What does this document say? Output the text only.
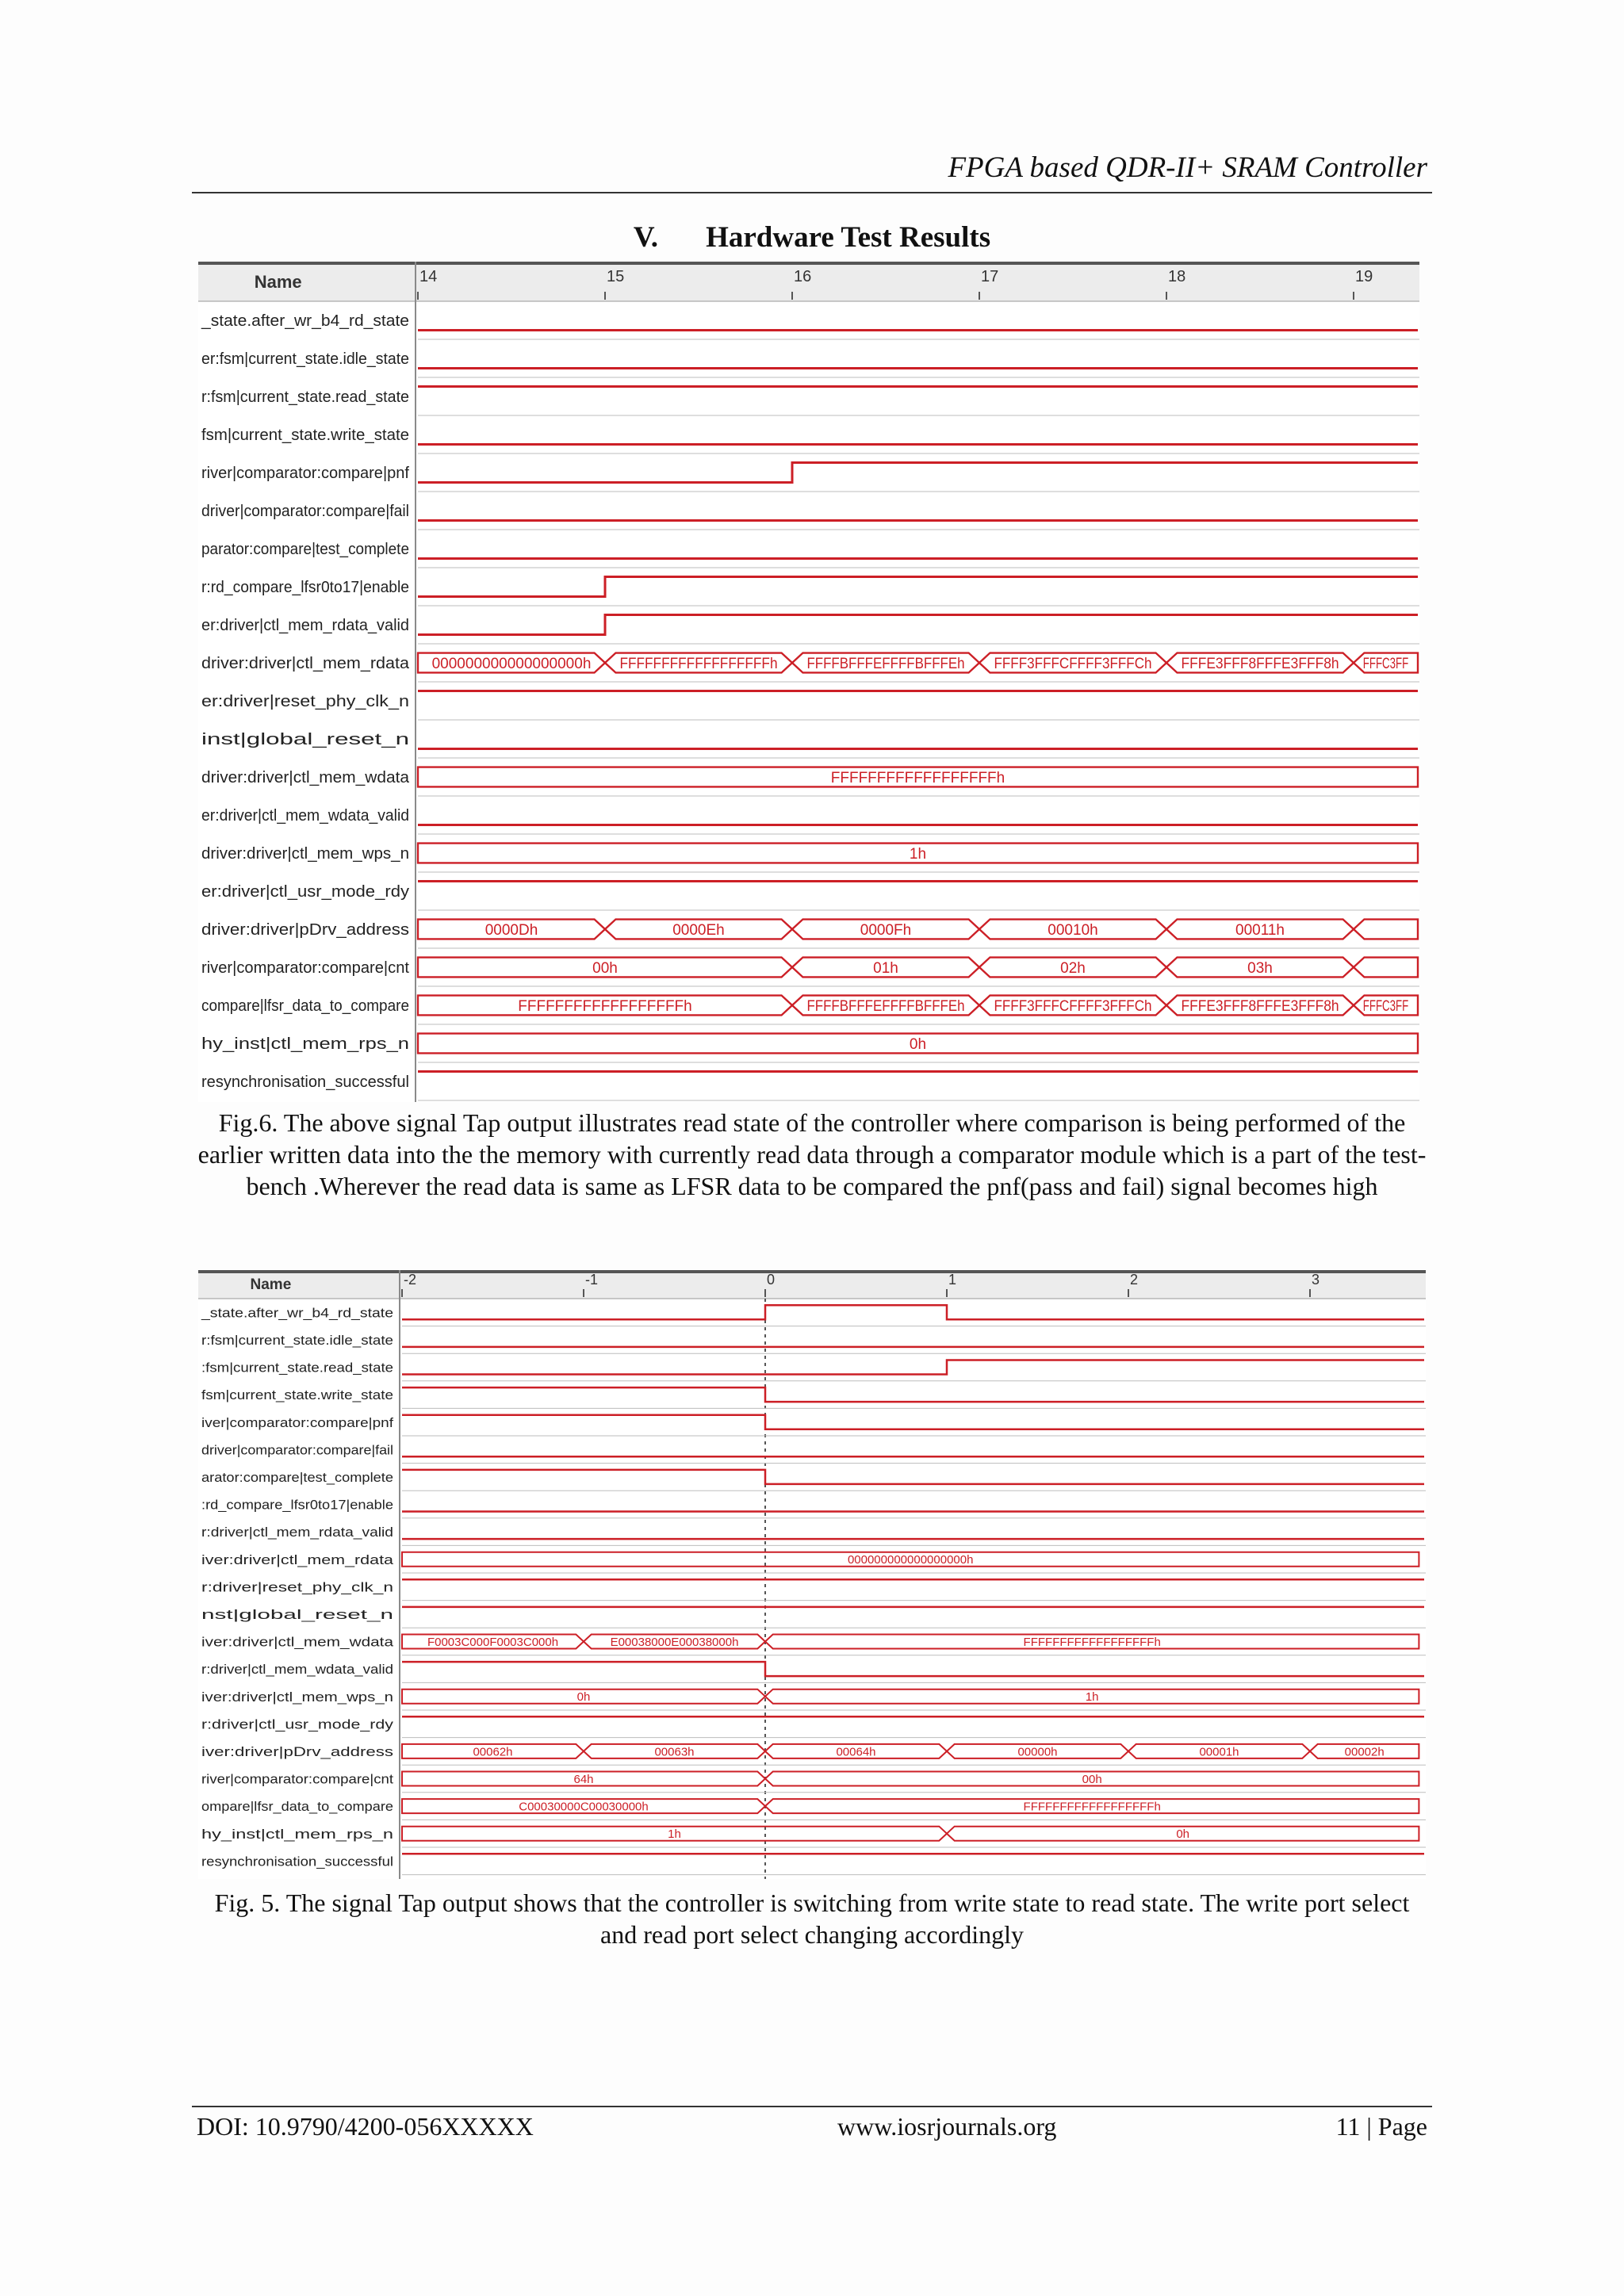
FPGA based QDR-II+ SRAM Controller
V. Hardware Test Results
Name	14	15	16	17	18	19
_state.after_wr_b4_rd_state
er:fsm|current_state.idle_state
r:fsm|current_state.read_state
fsm|current_state.write_state
river|comparator:compare|pnf
driver|comparator:compare|fail
parator:compare|test_complete
r:rd_compare_lfsr0to17|enable
er:driver|ctl_mem_rdata_valid
driver:driver|ctl_mem_rdata 000000000000000000h FFFFFFFFFFFFFFFFFFh FFFFBFFFEFFFFBFFFEh FFFF3FFFCFFFF3FFFCh FFFE3FFF8FFFE3FFF8h FFFC3FF
er:driver|reset_phy_clk_n
inst|global_reset_n
driver:driver|ctl_mem_wdata	FFFFFFFFFFFFFFFFFFh
er:driver|ctl_mem_wdata_valid
driver:driver|ctl_mem_wps_n	1h
er:driver|ctl_usr_mode_rdy
driver:driver|pDrv_address	0000Dh	0000Eh	0000Fh	00010h	00011h
river|comparator:compare|cnt	00h	01h	02h	03h
compare|lfsr_data_to_compare	FFFFFFFFFFFFFFFFFFh	FFFFBFFFEFFFFBFFFEh FFFF3FFFCFFFF3FFFCh FFFE3FFF8FFFE3FFF8h FFFC3FF
hy_inst|ctl_mem_rps_n	0h
resynchronisation_successful
Fig.6. The above signal Tap output illustrates read state of the controller where comparison is being performed of the earlier written data into the the memory with currently read data through a comparator module which is a part of the test-bench .Wherever the read data is same as LFSR data to be compared the pnf(pass and fail) signal becomes high
Name	-2	-1	0	1	2	3
_state.after_wr_b4_rd_state
r:fsm|current_state.idle_state
:fsm|current_state.read_state
fsm|current_state.write_state
iver|comparator:compare|pnf
driver|comparator:compare|fail
arator:compare|test_complete
:rd_compare_lfsr0to17|enable
r:driver|ctl_mem_rdata_valid
iver:driver|ctl_mem_rdata	000000000000000000h
r:driver|reset_phy_clk_n
nst|global_reset_n
iver:driver|ctl_mem_wdata	F0003C000F0003C000h	E00038000E00038000h	FFFFFFFFFFFFFFFFFFh
r:driver|ctl_mem_wdata_valid
iver:driver|ctl_mem_wps_n	0h	1h
r:driver|ctl_usr_mode_rdy
iver:driver|pDrv_address	00062h	00063h	00064h	00000h	00001h	00002h
river|comparator:compare|cnt	64h	00h
ompare|lfsr_data_to_compare	C00030000C00030000h	FFFFFFFFFFFFFFFFFFh
hy_inst|ctl_mem_rps_n	1h	0h
resynchronisation_successful
Fig. 5. The signal Tap output shows that the controller is switching from write state to read state. The write port select and read port select changing accordingly
DOI: 10.9790/4200-056XXXXX	www.iosrjournals.org	11 | Page
